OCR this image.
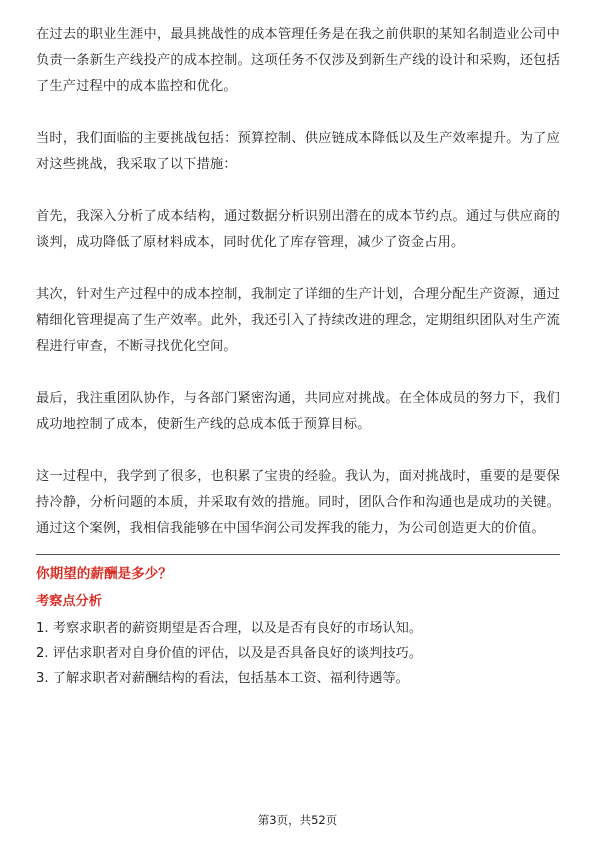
在过去的职业生涯中，最具挑战性的成本管理任务是在我之前供职的某知名制造业公司中负责一条新生产线投产的成本控制。这项任务不仅涉及到新生产线的设计和采购，还包括了生产过程中的成本监控和优化。

当时，我们面临的主要挑战包括：预算控制、供应链成本降低以及生产效率提升。为了应对这些挑战，我采取了以下措施：

首先，我深入分析了成本结构，通过数据分析识别出潜在的成本节约点。通过与供应商的谈判，成功降低了原材料成本，同时优化了库存管理，减少了资金占用。

其次，针对生产过程中的成本控制，我制定了详细的生产计划，合理分配生产资源，通过精细化管理提高了生产效率。此外，我还引入了持续改进的理念，定期组织团队对生产流程进行审查，不断寻找优化空间。

最后，我注重团队协作，与各部门紧密沟通，共同应对挑战。在全体成员的努力下，我们成功地控制了成本，使新生产线的总成本低于预算目标。

这一过程中，我学到了很多，也积累了宝贵的经验。我认为，面对挑战时，重要的是要保持冷静，分析问题的本质，并采取有效的措施。同时，团队合作和沟通也是成功的关键。通过这个案例，我相信我能够在中国华润公司发挥我的能力，为公司创造更大的价值。

你期望的薪酬是多少？
考察点分析
1. 考察求职者的薪资期望是否合理，以及是否有良好的市场认知。
2. 评估求职者对自身价值的评估，以及是否具备良好的谈判技巧。
3. 了解求职者对薪酬结构的看法，包括基本工资、福利待遇等。
第3页，共52页
